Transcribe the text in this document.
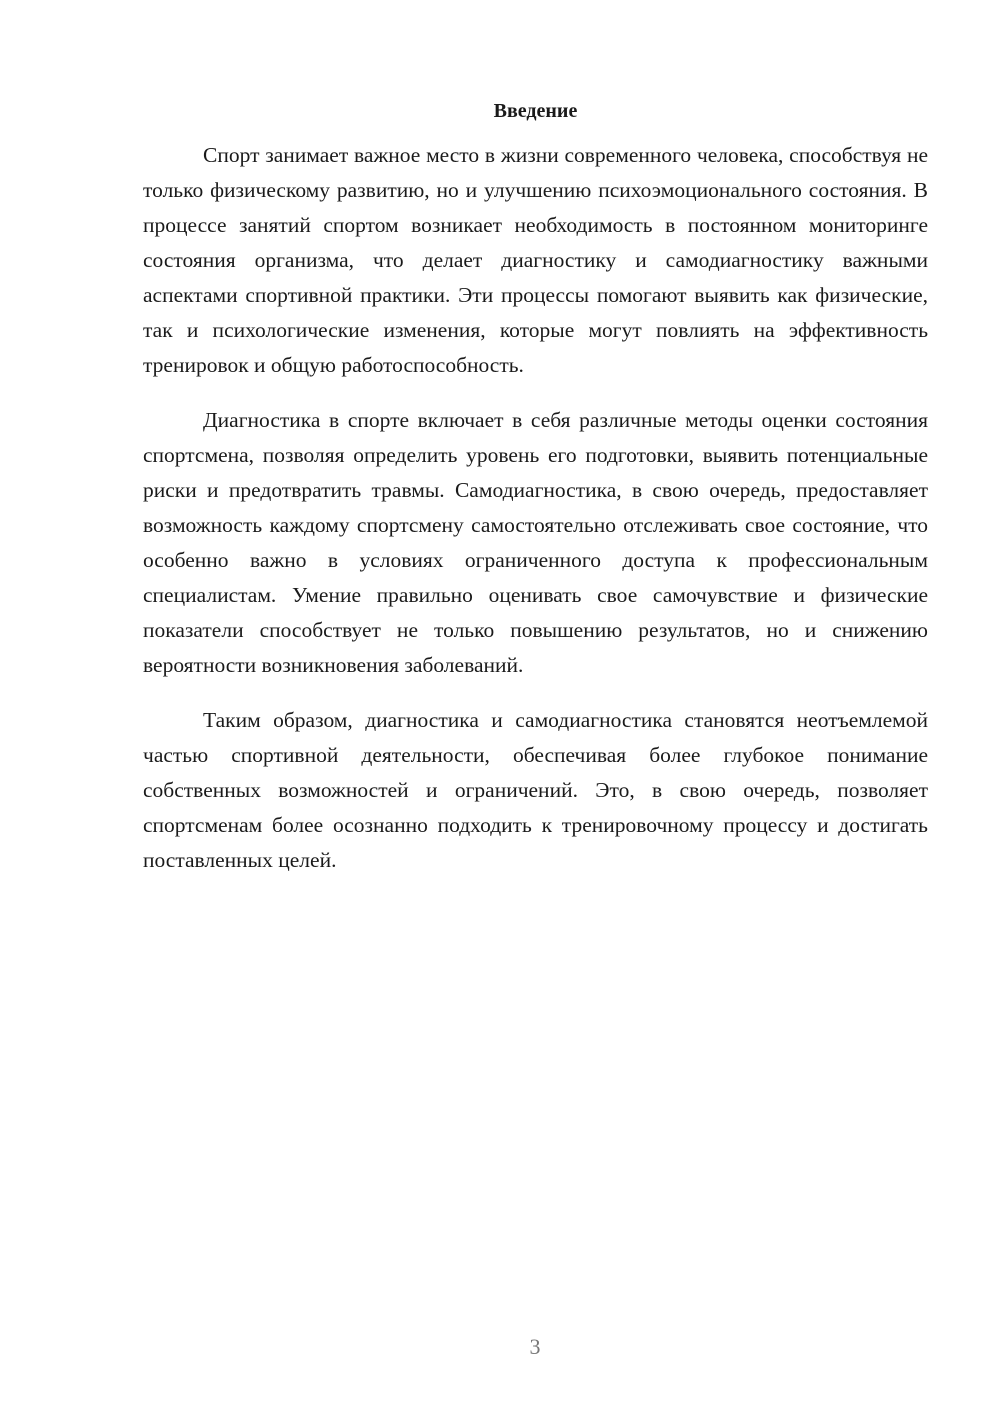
Введение

Спорт занимает важное место в жизни современного человека, способствуя не только физическому развитию, но и улучшению психоэмоционального состояния. В процессе занятий спортом возникает необходимость в постоянном мониторинге состояния организма, что делает диагностику и самодиагностику важными аспектами спортивной практики. Эти процессы помогают выявить как физические, так и психологические изменения, которые могут повлиять на эффективность тренировок и общую работоспособность.

Диагностика в спорте включает в себя различные методы оценки состояния спортсмена, позволяя определить уровень его подготовки, выявить потенциальные риски и предотвратить травмы. Самодиагностика, в свою очередь, предоставляет возможность каждому спортсмену самостоятельно отслеживать свое состояние, что особенно важно в условиях ограниченного доступа к профессиональным специалистам. Умение правильно оценивать свое самочувствие и физические показатели способствует не только повышению результатов, но и снижению вероятности возникновения заболеваний.

Таким образом, диагностика и самодиагностика становятся неотъемлемой частью спортивной деятельности, обеспечивая более глубокое понимание собственных возможностей и ограничений. Это, в свою очередь, позволяет спортсменам более осознанно подходить к тренировочному процессу и достигать поставленных целей.

3
